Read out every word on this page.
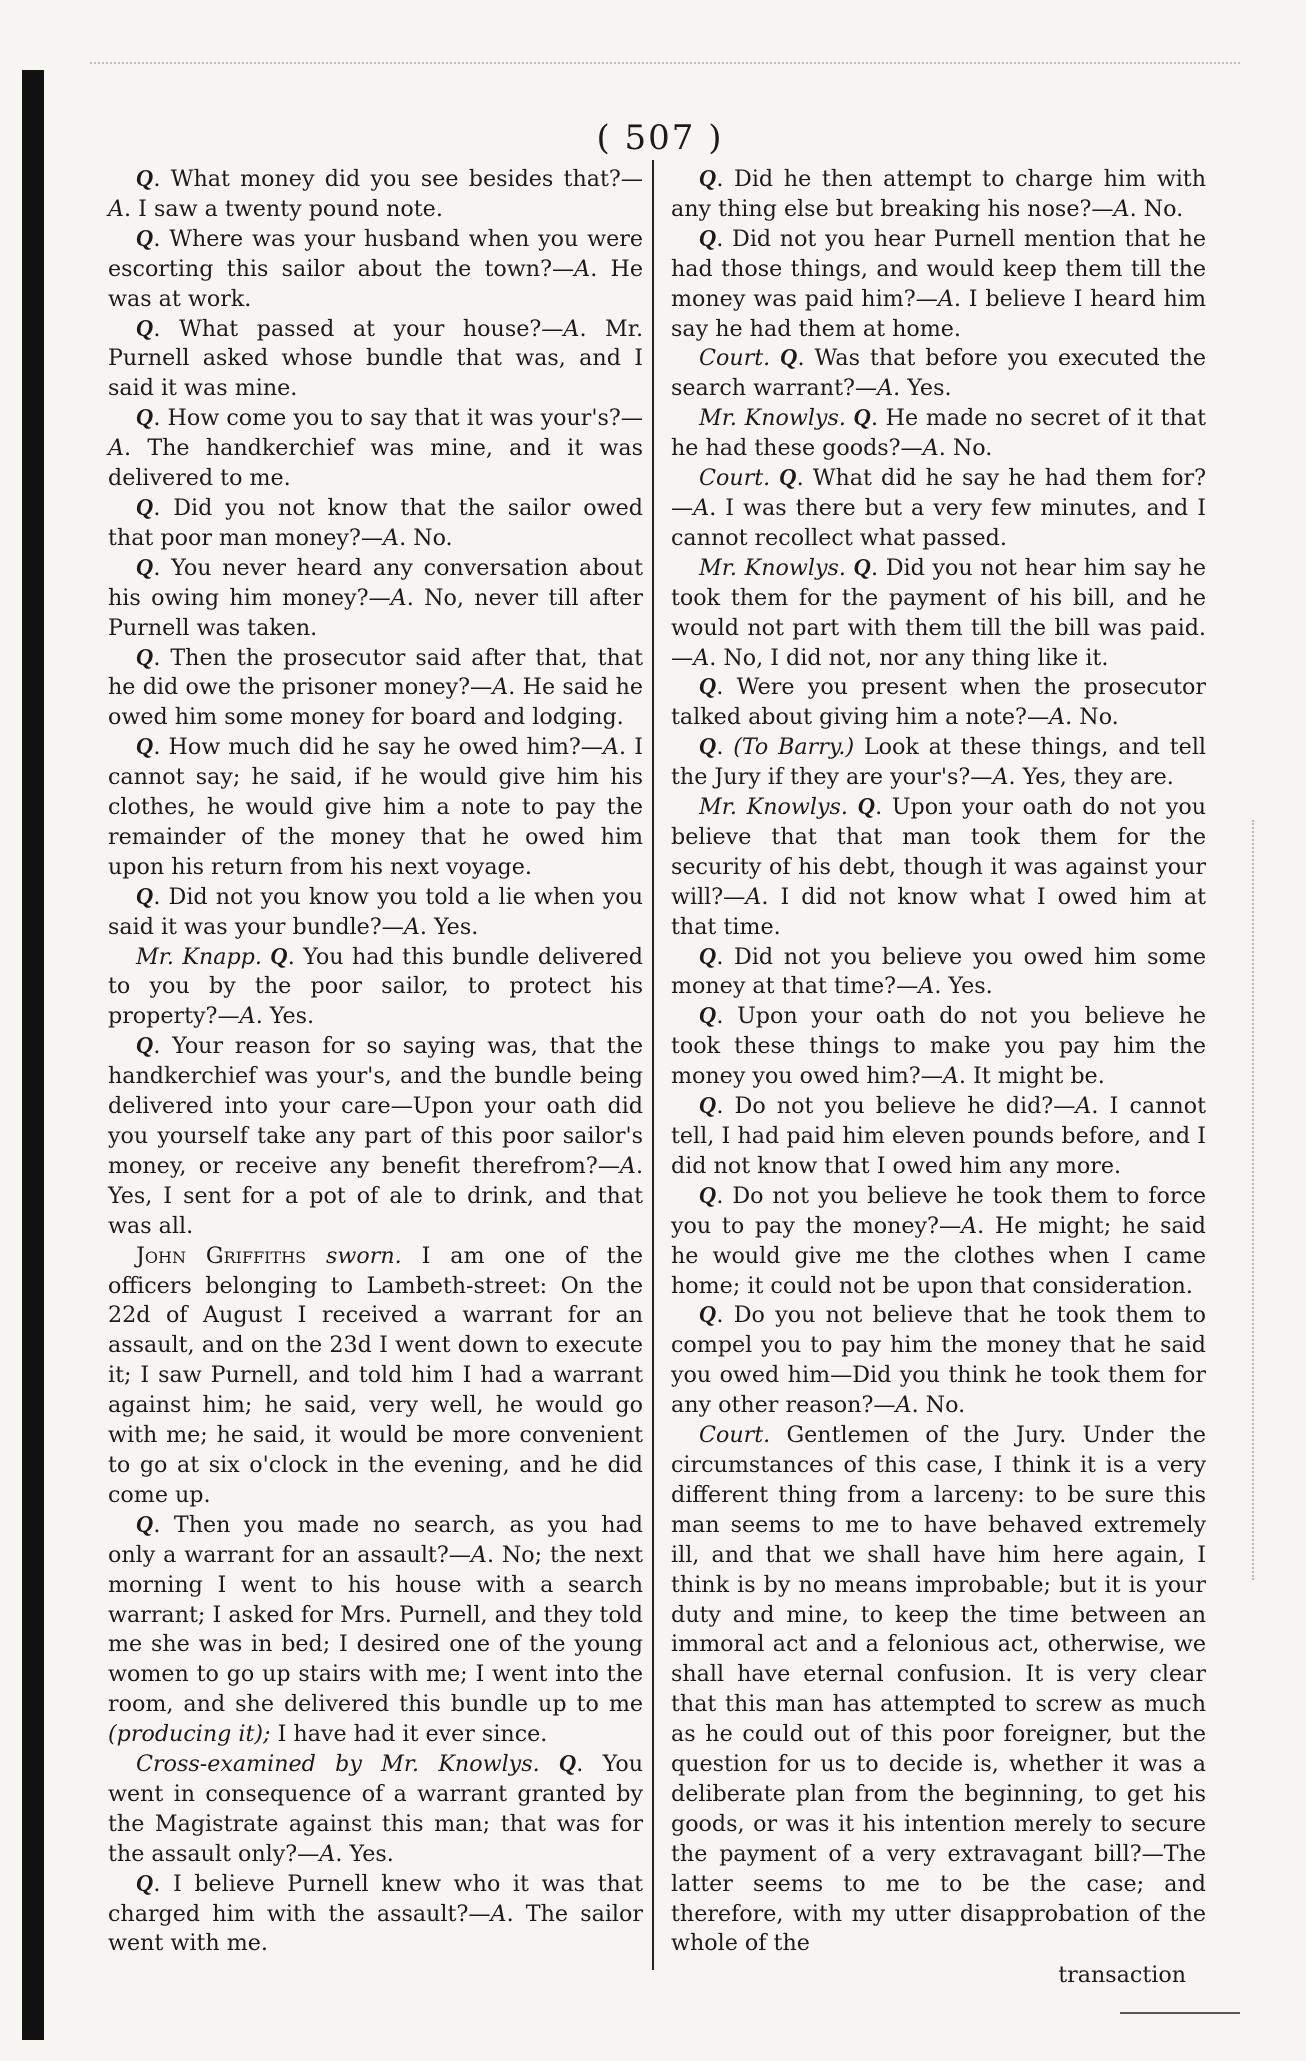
( 507 )

Q. What money did you see besides that?—A. I saw a twenty pound note.

Q. Where was your husband when you were escorting this sailor about the town?—A. He was at work.

Q. What passed at your house?—A. Mr. Purnell asked whose bundle that was, and I said it was mine.

Q. How come you to say that it was your's?—A. The handkerchief was mine, and it was delivered to me.

Q. Did you not know that the sailor owed that poor man money?—A. No.

Q. You never heard any conversation about his owing him money?—A. No, never till after Purnell was taken.

Q. Then the prosecutor said after that, that he did owe the prisoner money?—A. He said he owed him some money for board and lodging.

Q. How much did he say he owed him?—A. I cannot say; he said, if he would give him his clothes, he would give him a note to pay the remainder of the money that he owed him upon his return from his next voyage.

Q. Did not you know you told a lie when you said it was your bundle?—A. Yes.

Mr. Knapp. Q. You had this bundle delivered to you by the poor sailor, to protect his property?—A. Yes.

Q. Your reason for so saying was, that the handkerchief was your's, and the bundle being delivered into your care—Upon your oath did you yourself take any part of this poor sailor's money, or receive any benefit therefrom?—A. Yes, I sent for a pot of ale to drink, and that was all.

John Griffiths sworn. I am one of the officers belonging to Lambeth-street: On the 22d of August I received a warrant for an assault, and on the 23d I went down to execute it; I saw Purnell, and told him I had a warrant against him; he said, very well, he would go with me; he said, it would be more convenient to go at six o'clock in the evening, and he did come up.

Q. Then you made no search, as you had only a warrant for an assault?—A. No; the next morning I went to his house with a search warrant; I asked for Mrs. Purnell, and they told me she was in bed; I desired one of the young women to go up stairs with me; I went into the room, and she delivered this bundle up to me (producing it); I have had it ever since.

Cross-examined by Mr. Knowlys. Q. You went in consequence of a warrant granted by the Magistrate against this man; that was for the assault only?—A. Yes.

Q. I believe Purnell knew who it was that charged him with the assault?—A. The sailor went with me.

Q. Did he then attempt to charge him with any thing else but breaking his nose?—A. No.

Q. Did not you hear Purnell mention that he had those things, and would keep them till the money was paid him?—A. I believe I heard him say he had them at home.

Court. Q. Was that before you executed the search warrant?—A. Yes.

Mr. Knowlys. Q. He made no secret of it that he had these goods?—A. No.

Court. Q. What did he say he had them for?—A. I was there but a very few minutes, and I cannot recollect what passed.

Mr. Knowlys. Q. Did you not hear him say he took them for the payment of his bill, and he would not part with them till the bill was paid.—A. No, I did not, nor any thing like it.

Q. Were you present when the prosecutor talked about giving him a note?—A. No.

Q. (To Barry.) Look at these things, and tell the Jury if they are your's?—A. Yes, they are.

Mr. Knowlys. Q. Upon your oath do not you believe that that man took them for the security of his debt, though it was against your will?—A. I did not know what I owed him at that time.

Q. Did not you believe you owed him some money at that time?—A. Yes.

Q. Upon your oath do not you believe he took these things to make you pay him the money you owed him?—A. It might be.

Q. Do not you believe he did?—A. I cannot tell, I had paid him eleven pounds before, and I did not know that I owed him any more.

Q. Do not you believe he took them to force you to pay the money?—A. He might; he said he would give me the clothes when I came home; it could not be upon that consideration.

Q. Do you not believe that he took them to compel you to pay him the money that he said you owed him—Did you think he took them for any other reason?—A. No.

Court. Gentlemen of the Jury. Under the circumstances of this case, I think it is a very different thing from a larceny: to be sure this man seems to me to have behaved extremely ill, and that we shall have him here again, I think is by no means improbable; but it is your duty and mine, to keep the time between an immoral act and a felonious act, otherwise, we shall have eternal confusion. It is very clear that this man has attempted to screw as much as he could out of this poor foreigner, but the question for us to decide is, whether it was a deliberate plan from the beginning, to get his goods, or was it his intention merely to secure the payment of a very extravagant bill?—The latter seems to me to be the case; and therefore, with my utter disapprobation of the whole of the

transaction
